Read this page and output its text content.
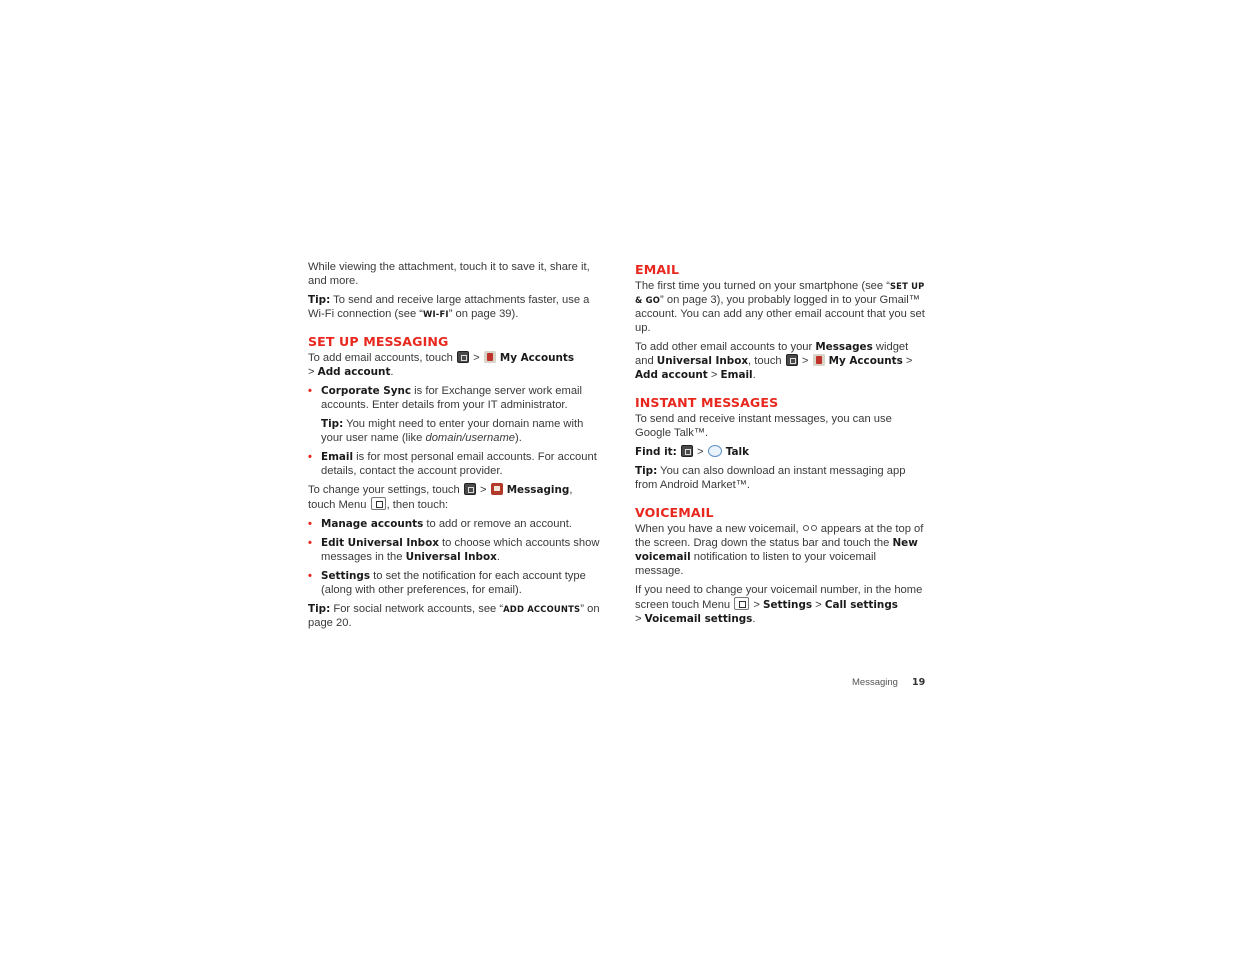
While viewing the attachment, touch it to save it, share it, and more.

Tip: To send and receive large attachments faster, use a Wi-Fi connection (see “WI-FI” on page 39).

SET UP MESSAGING

To add email accounts, touch  >  My Accounts
> Add account.

• Corporate Sync is for Exchange server work email accounts. Enter details from your IT administrator.

Tip: You might need to enter your domain name with your user name (like domain/username).

• Email is for most personal email accounts. For account details, contact the account provider.

To change your settings, touch  >  Messaging, touch Menu , then touch:

• Manage accounts to add or remove an account.
• Edit Universal Inbox to choose which accounts show messages in the Universal Inbox.
• Settings to set the notification for each account type (along with other preferences, for email).

Tip: For social network accounts, see “ADD ACCOUNTS” on page 20.

EMAIL

The first time you turned on your smartphone (see “SET UP & GO” on page 3), you probably logged in to your Gmail™ account. You can add any other email account that you set up.

To add other email accounts to your Messages widget and Universal Inbox, touch  >  My Accounts > Add account > Email.

INSTANT MESSAGES

To send and receive instant messages, you can use Google Talk™.

Find it:  >  Talk

Tip: You can also download an instant messaging app from Android Market™.

VOICEMAIL

When you have a new voicemail,  appears at the top of the screen. Drag down the status bar and touch the New voicemail notification to listen to your voicemail message.

If you need to change your voicemail number, in the home screen touch Menu  > Settings > Call settings
> Voicemail settings.

Messaging 19
